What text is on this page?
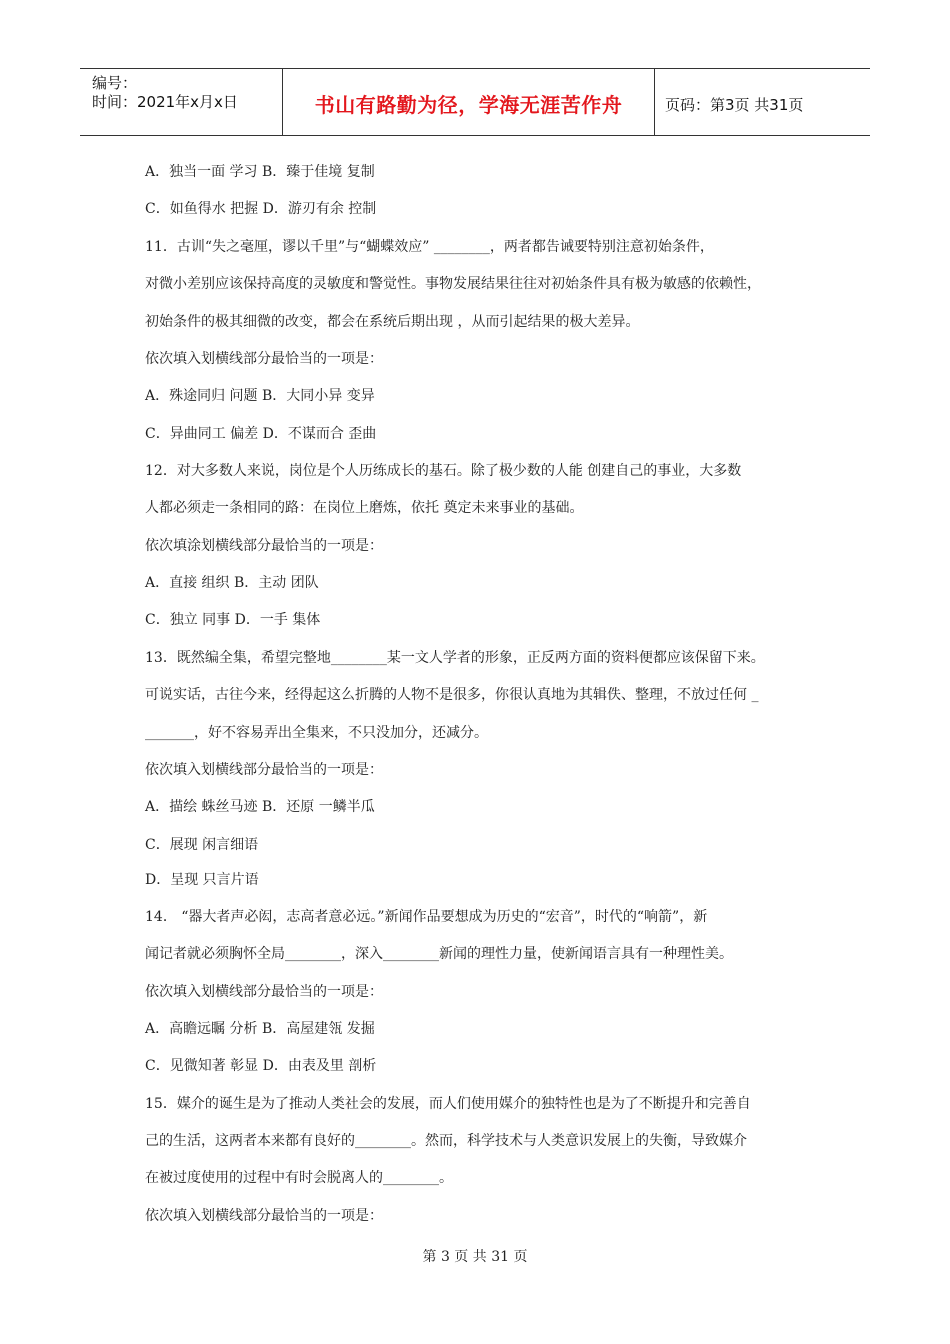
编号：
时间：2021年x月x日	书山有路勤为径，学海无涯苦作舟	页码：第3页 共31页
A．独当一面 学习 B．臻于佳境 复制
C．如鱼得水 把握 D．游刃有余 控制
11．古训“失之毫厘，谬以千里”与“蝴蝶效应” ________，两者都告诫要特别注意初始条件，
对微小差别应该保持高度的灵敏度和警觉性。事物发展结果往往对初始条件具有极为敏感的依赖性，
初始条件的极其细微的改变，都会在系统后期出现 ，从而引起结果的极大差异。
依次填入划横线部分最恰当的一项是：
A．殊途同归 问题 B．大同小异 变异
C．异曲同工 偏差 D．不谋而合 歪曲
12．对大多数人来说，岗位是个人历练成长的基石。除了极少数的人能 创建自己的事业，大多数
人都必须走一条相同的路：在岗位上磨炼，依托 奠定未来事业的基础。
依次填涂划横线部分最恰当的一项是：
A．直接 组织 B．主动 团队
C．独立 同事 D．一手 集体
13．既然编全集，希望完整地________某一文人学者的形象，正反两方面的资料便都应该保留下来。
可说实话，古往今来，经得起这么折腾的人物不是很多，你很认真地为其辑佚、整理，不放过任何 _
_______，好不容易弄出全集来，不只没加分，还减分。
依次填入划横线部分最恰当的一项是：
A．描绘 蛛丝马迹 B．还原 一鳞半瓜
C．展现 闲言细语
D．呈现 只言片语
14． “器大者声必闳，志高者意必远。”新闻作品要想成为历史的“宏音”，时代的“响箭”，新
闻记者就必须胸怀全局________，深入________新闻的理性力量，使新闻语言具有一种理性美。
依次填入划横线部分最恰当的一项是：
A．高瞻远瞩 分析 B．高屋建瓴 发掘
C．见微知著 彰显 D．由表及里 剖析
15．媒介的诞生是为了推动人类社会的发展，而人们使用媒介的独特性也是为了不断提升和完善自
己的生活，这两者本来都有良好的________。然而，科学技术与人类意识发展上的失衡，导致媒介
在被过度使用的过程中有时会脱离人的________。
依次填入划横线部分最恰当的一项是：
第 3 页 共 31 页
